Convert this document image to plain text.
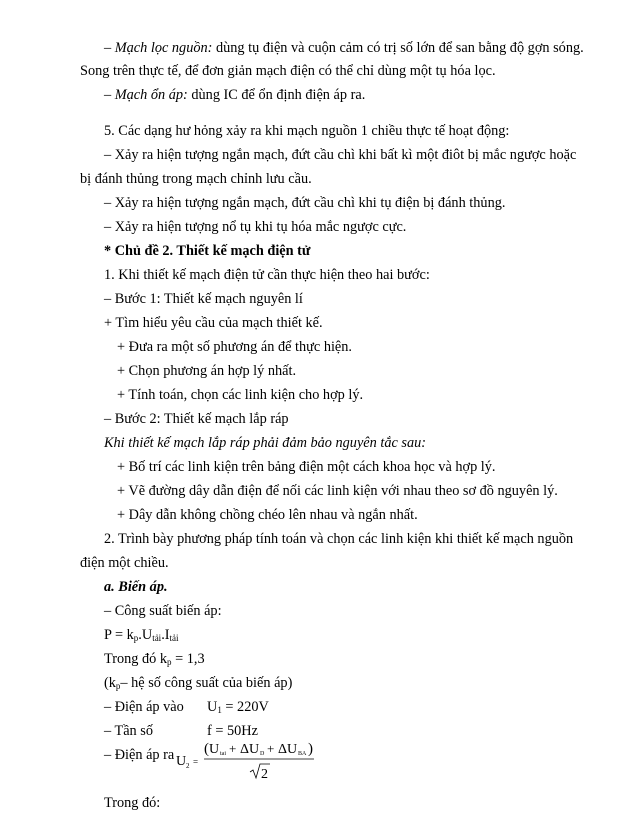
– Mạch lọc nguồn: dùng tụ điện và cuộn cảm có trị số lớn để san bằng độ gợn sóng.
Song trên thực tế, để đơn giản mạch điện có thể chỉ dùng một tụ hóa lọc.
– Mạch ổn áp: dùng IC để ổn định điện áp ra.
5. Các dạng hư hỏng xảy ra khi mạch nguồn 1 chiều thực tế hoạt động:
– Xảy ra hiện tượng ngắn mạch, đứt cầu chì khi bất kì một điôt bị mắc ngược hoặc
bị đánh thủng trong mạch chỉnh lưu cầu.
– Xảy ra hiện tượng ngắn mạch, đứt cầu chì khi tụ điện bị đánh thủng.
– Xảy ra hiện tượng nổ tụ khi tụ hóa mắc ngược cực.
* Chủ đề 2. Thiết kế mạch điện tử
1. Khi thiết kế mạch điện tử cần thực hiện theo hai bước:
– Bước 1: Thiết kế mạch nguyên lí
+ Tìm hiểu yêu cầu của mạch thiết kế.
+ Đưa ra một số phương án để thực hiện.
+ Chọn phương án hợp lý nhất.
+ Tính toán, chọn các linh kiện cho hợp lý.
– Bước 2: Thiết kế mạch lắp ráp
Khi thiết kế mạch lắp ráp phải đảm bảo nguyên tắc sau:
+ Bố trí các linh kiện trên bảng điện một cách khoa học và hợp lý.
+ Vẽ đường dây dẫn điện để nối các linh kiện với nhau theo sơ đồ nguyên lý.
+ Dây dẫn không chồng chéo lên nhau và ngắn nhất.
2. Trình bày phương pháp tính toán và chọn các linh kiện khi thiết kế mạch nguồn
điện một chiều.
a. Biến áp.
– Công suất biến áp:
$P = k_p.U_{tải}.I_{tải}$
Trong đó $k_p = 1,3$
($k_p-$ hệ số công suất của biến áp)
– Điện áp vào $U_1 = 220V$
– Tần số	f = 50Hz
– Điện áp ra U 2 =
( U tai + ΔU D + ΔU BA )
2
Trong đó:
